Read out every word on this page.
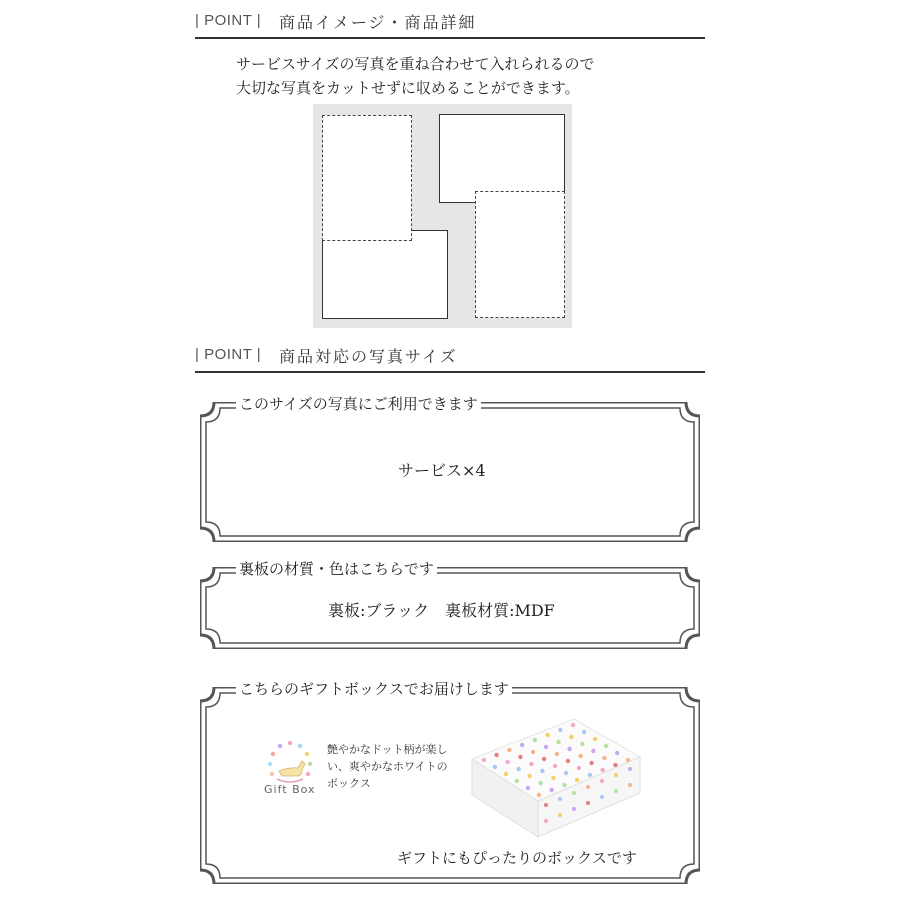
| POINT | 商品イメージ・商品詳細
サービスサイズの写真を重ね合わせて入れられるので
大切な写真をカットせずに収めることができます。
| POINT | 商品対応の写真サイズ
このサイズの写真にご利用できます
サービス×4
裏板の材質・色はこちらです
裏板:ブラック　裏板材質:MDF
こちらのギフトボックスでお届けします
Gift Box
艶やかなドット柄が楽し
い、爽やかなホワイトの
ボックス
ギフトにもぴったりのボックスです
